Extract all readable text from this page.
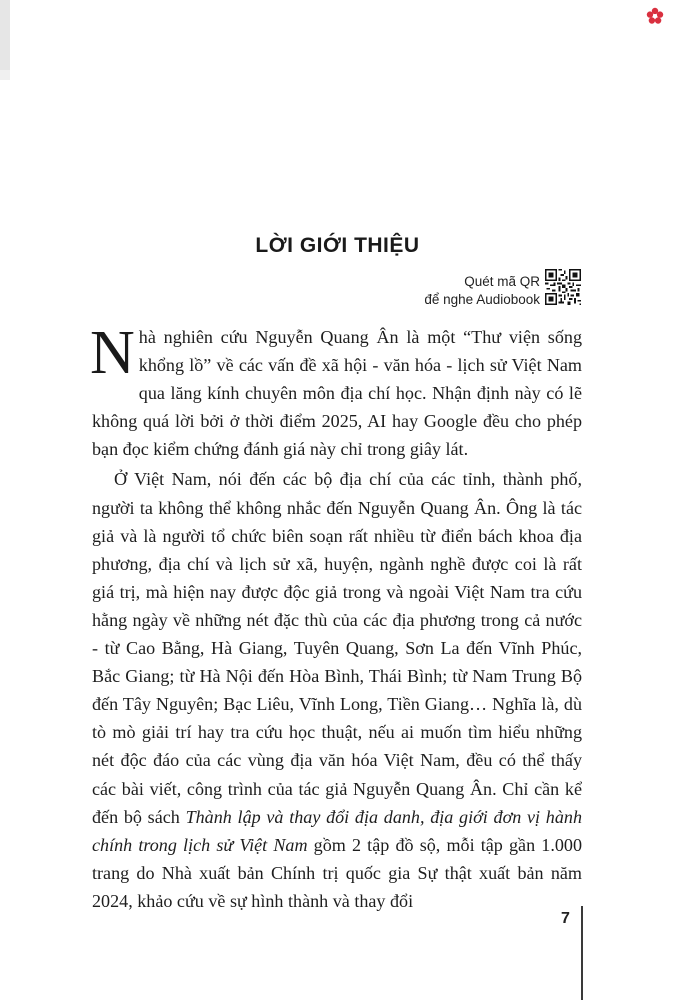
LỜI GIỚI THIỆU
Quét mã QR
để nghe Audiobook

Nhà nghiên cứu Nguyễn Quang Ân là một “Thư viện sống khổng lồ” về các vấn đề xã hội - văn hóa - lịch sử Việt Nam qua lăng kính chuyên môn địa chí học. Nhận định này có lẽ không quá lời bởi ở thời điểm 2025, AI hay Google đều cho phép bạn đọc kiểm chứng đánh giá này chỉ trong giây lát.

Ở Việt Nam, nói đến các bộ địa chí của các tỉnh, thành phố, người ta không thể không nhắc đến Nguyễn Quang Ân. Ông là tác giả và là người tổ chức biên soạn rất nhiều từ điển bách khoa địa phương, địa chí và lịch sử xã, huyện, ngành nghề được coi là rất giá trị, mà hiện nay được độc giả trong và ngoài Việt Nam tra cứu hằng ngày về những nét đặc thù của các địa phương trong cả nước - từ Cao Bằng, Hà Giang, Tuyên Quang, Sơn La đến Vĩnh Phúc, Bắc Giang; từ Hà Nội đến Hòa Bình, Thái Bình; từ Nam Trung Bộ đến Tây Nguyên; Bạc Liêu, Vĩnh Long, Tiền Giang… Nghĩa là, dù tò mò giải trí hay tra cứu học thuật, nếu ai muốn tìm hiểu những nét độc đáo của các vùng địa văn hóa Việt Nam, đều có thể thấy các bài viết, công trình của tác giả Nguyễn Quang Ân. Chỉ cần kể đến bộ sách Thành lập và thay đổi địa danh, địa giới đơn vị hành chính trong lịch sử Việt Nam gồm 2 tập đồ sộ, mỗi tập gần 1.000 trang do Nhà xuất bản Chính trị quốc gia Sự thật xuất bản năm 2024, khảo cứu về sự hình thành và thay đổi

7
